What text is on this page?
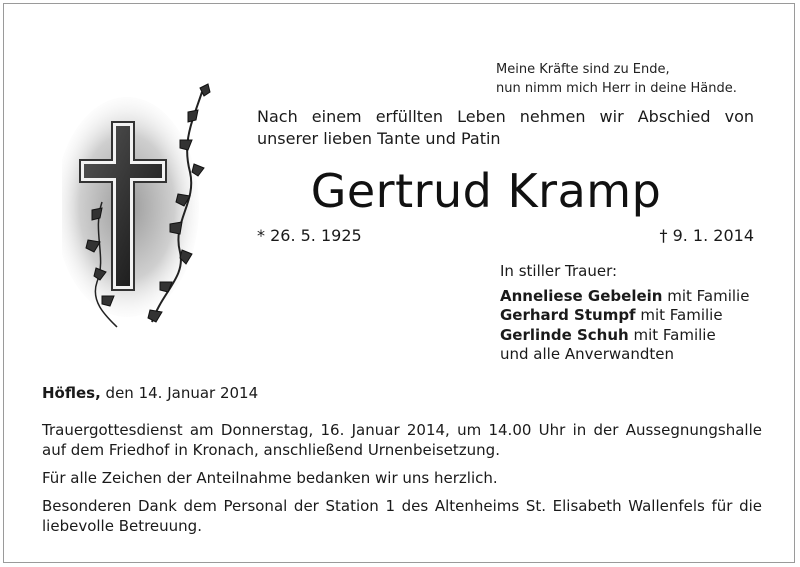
Meine Kräfte sind zu Ende,
nun nimm mich Herr in deine Hände.
Nach einem erfüllten Leben nehmen wir Abschied von unserer lieben Tante und Patin
Gertrud Kramp
* 26. 5. 1925	† 9. 1. 2014
In stiller Trauer:
Anneliese Gebelein mit Familie
Gerhard Stumpf mit Familie
Gerlinde Schuh mit Familie
und alle Anverwandten
Höfles, den 14. Januar 2014

Trauergottesdienst am Donnerstag, 16. Januar 2014, um 14.00 Uhr in der Aussegnungshalle auf dem Friedhof in Kronach, anschließend Urnenbeisetzung.

Für alle Zeichen der Anteilnahme bedanken wir uns herzlich.

Besonderen Dank dem Personal der Station 1 des Altenheims St. Elisabeth Wallenfels für die liebevolle Betreuung.
